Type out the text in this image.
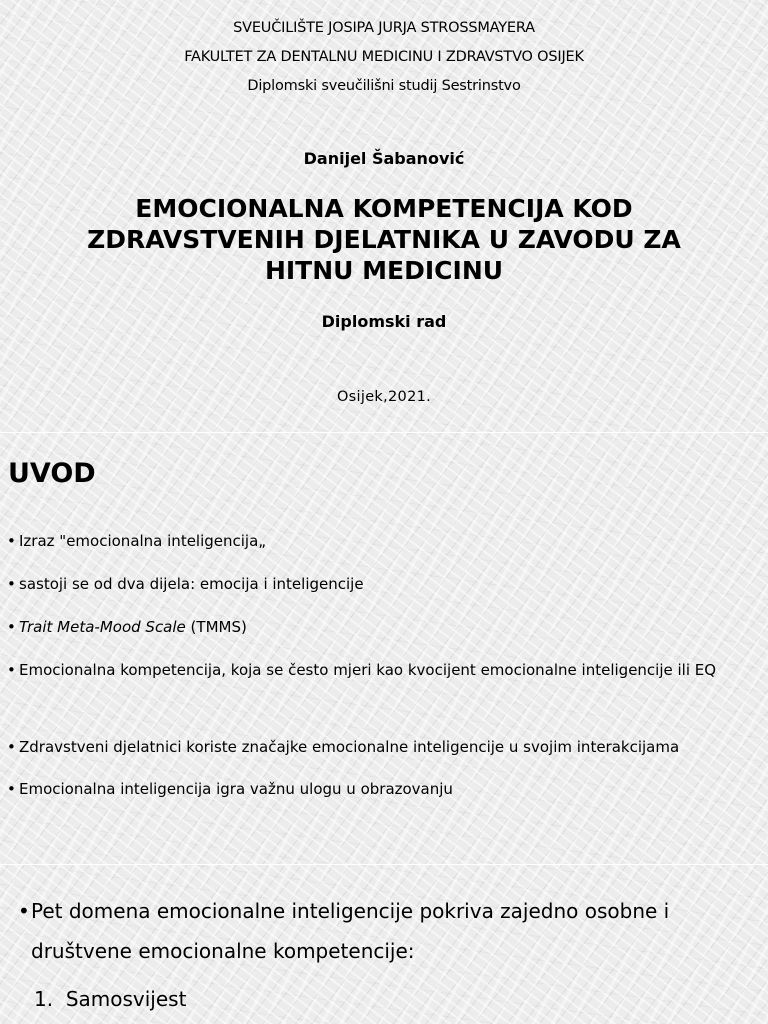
SVEUČILIŠTE JOSIPA JURJA STROSSMAYERA
FAKULTET ZA DENTALNU MEDICINU I ZDRAVSTVO OSIJEK
Diplomski sveučilišni studij Sestrinstvo
Danijel Šabanović
EMOCIONALNA KOMPETENCIJA KOD
ZDRAVSTVENIH DJELATNIKA U ZAVODU ZA
HITNU MEDICINU
Diplomski rad
Osijek,2021.
UVOD
• Izraz "emocionalna inteligencija„
• sastoji se od dva dijela: emocija i inteligencije
• Trait Meta-Mood Scale (TMMS)
• Emocionalna kompetencija, koja se često mjeri kao kvocijent emocionalne inteligencije ili EQ
• Zdravstveni djelatnici koriste značajke emocionalne inteligencije u svojim interakcijama
• Emocionalna inteligencija igra važnu ulogu u obrazovanju
•Pet domena emocionalne inteligencije pokriva zajedno osobne i društvene emocionalne kompetencije:
1. Samosvijest
